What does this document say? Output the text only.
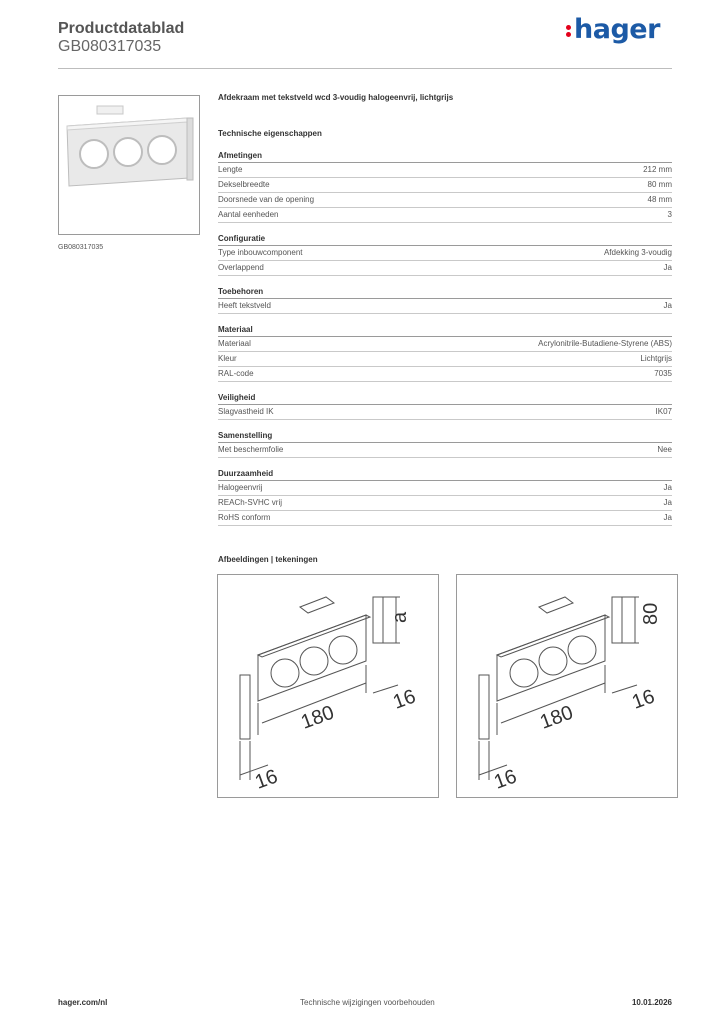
Productdatablad
GB080317035
hager
GB080317035
Afdekraam met tekstveld wcd 3-voudig halogeenvrij, lichtgrijs
Technische eigenschappen
Afmetingen
Lengte	212 mm
Dekselbreedte	80 mm
Doorsnede van de opening	48 mm
Aantal eenheden	3
Configuratie
Type inbouwcomponent	Afdekking 3-voudig
Overlappend	Ja
Toebehoren
Heeft tekstveld	Ja
Materiaal
Materiaal	Acrylonitrile-Butadiene-Styrene (ABS)
Kleur	Lichtgrijs
RAL-code	7035
Veiligheid
Slagvastheid IK	IK07
Samenstelling
Met beschermfolie	Nee
Duurzaamheid
Halogeenvrij	Ja
REACh-SVHC vrij	Ja
RoHS conform	Ja
Afbeeldingen | tekeningen
a
180
16
16
80
180
16
16
hager.com/nl	Technische wijzigingen voorbehouden	10.01.2026
